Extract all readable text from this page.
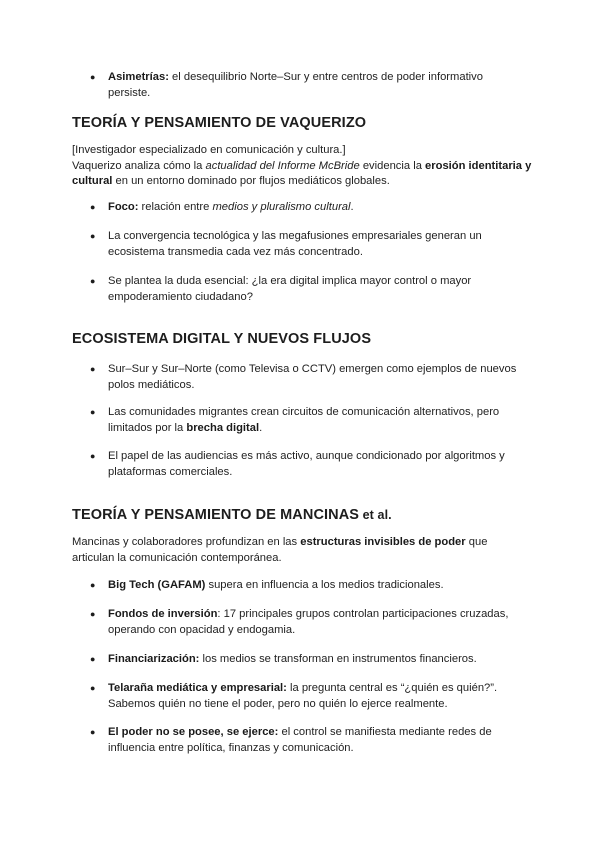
● Asimetrías: el desequilibrio Norte–Sur y entre centros de poder informativo persiste.
TEORÍA Y PENSAMIENTO DE VAQUERIZO
[Investigador especializado en comunicación y cultura.]
Vaquerizo analiza cómo la actualidad del Informe McBride evidencia la erosión identitaria y cultural en un entorno dominado por flujos mediáticos globales.
● Foco: relación entre medios y pluralismo cultural.
● La convergencia tecnológica y las megafusiones empresariales generan un ecosistema transmedia cada vez más concentrado.
● Se plantea la duda esencial: ¿la era digital implica mayor control o mayor empoderamiento ciudadano?
ECOSISTEMA DIGITAL Y NUEVOS FLUJOS
● Sur–Sur y Sur–Norte (como Televisa o CCTV) emergen como ejemplos de nuevos polos mediáticos.
● Las comunidades migrantes crean circuitos de comunicación alternativos, pero limitados por la brecha digital.
● El papel de las audiencias es más activo, aunque condicionado por algoritmos y plataformas comerciales.
TEORÍA Y PENSAMIENTO DE MANCINAS et al.
Mancinas y colaboradores profundizan en las estructuras invisibles de poder que articulan la comunicación contemporánea.
● Big Tech (GAFAM) supera en influencia a los medios tradicionales.
● Fondos de inversión: 17 principales grupos controlan participaciones cruzadas, operando con opacidad y endogamia.
● Financiarización: los medios se transforman en instrumentos financieros.
● Telaraña mediática y empresarial: la pregunta central es “¿quién es quién?”. Sabemos quién no tiene el poder, pero no quién lo ejerce realmente.
● El poder no se posee, se ejerce: el control se manifiesta mediante redes de influencia entre política, finanzas y comunicación.
